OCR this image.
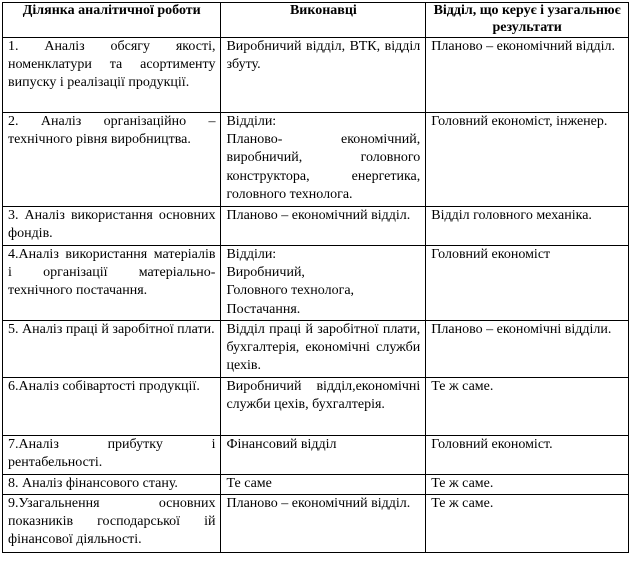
Ділянка аналітичної роботи	Виконавці	Відділ, що керує і узагальнює результати
1. Аналіз обсягу якості, номенклатури та асортименту випуску і реалізації продукції.	Виробничий відділ, ВТК, відділ збуту.	Планово – економічний відділ.
2. Аналіз організаційно – технічного рівня виробництва.	Відділи:
Планово- економічний, виробничий, головного конструктора, енергетика, головного технолога.	Головний економіст, інженер.
3. Аналіз використання основних фондів.	Планово – економічний відділ.	Відділ головного механіка.
4.Аналіз використання матеріалів і організації матеріально- технічного постачання.	Відділи:
Виробничий,
Головного технолога,
Постачання.	Головний економіст
5. Аналіз праці й заробітної плати.	Відділ праці й заробітної плати, бухгалтерія, економічні служби цехів.	Планово – економічні відділи.
6.Аналіз собівартості продукції.	Виробничий відділ,економічні служби цехів, бухгалтерія.	Те ж саме.
7.Аналіз прибутку і рентабельності.	Фінансовий відділ	Головний економіст.
8. Аналіз фінансового стану.	Те саме	Те ж саме.
9.Узагальнення основних показників господарської ій фінансової діяльності.	Планово – економічний відділ.	Те ж саме.
